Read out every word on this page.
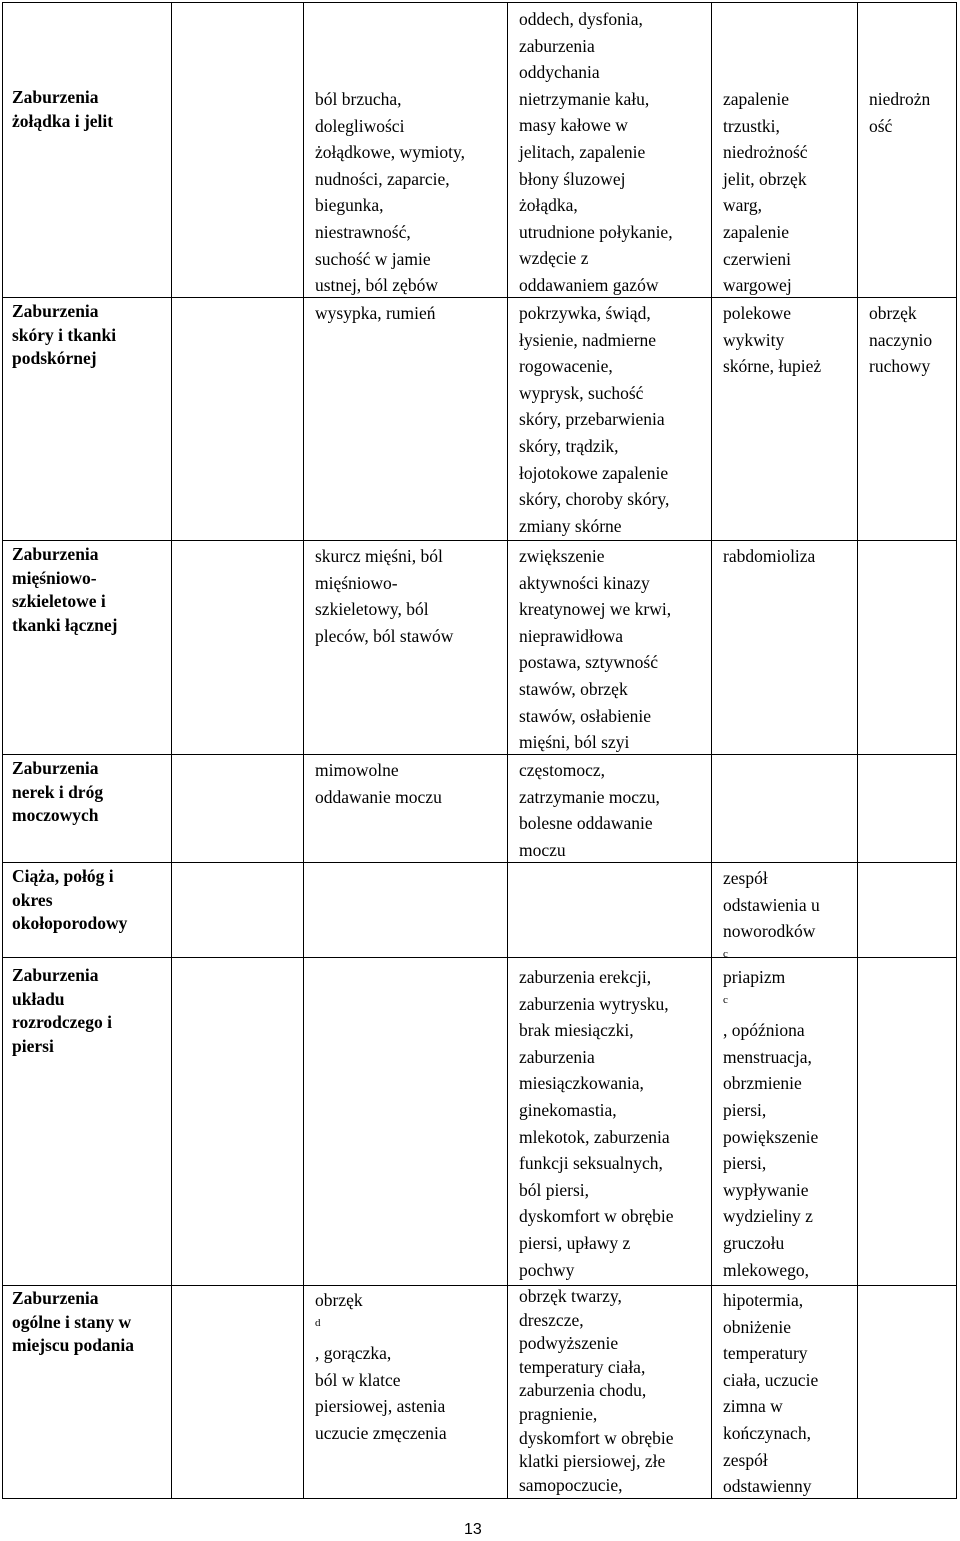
Zaburzenia
żołądka i jelit
ból brzucha,
dolegliwości
żołądkowe, wymioty,
nudności, zaparcie,
biegunka,
niestrawność,
suchość w jamie
ustnej, ból zębów
oddech, dysfonia,
zaburzenia
oddychania
nietrzymanie kału,
masy kałowe w
jelitach, zapalenie
błony śluzowej
żołądka,
utrudnione połykanie,
wzdęcie z
oddawaniem gazów
zapalenie
trzustki,
niedrożność
jelit, obrzęk
warg,
zapalenie
czerwieni
wargowej
niedrożn
ość
Zaburzenia
skóry i tkanki
podskórnej
wysypka, rumień	pokrzywka, świąd,
łysienie, nadmierne
rogowacenie,
wyprysk, suchość
skóry, przebarwienia
skóry, trądzik,
łojotokowe zapalenie
skóry, choroby skóry,
zmiany skórne
polekowe
wykwity
skórne, łupież
obrzęk
naczynio
ruchowy
Zaburzenia
mięśniowo-
szkieletowe i
tkanki łącznej
skurcz mięśni, ból
mięśniowo-
szkieletowy, ból
pleców, ból stawów
zwiększenie
aktywności kinazy
kreatynowej we krwi,
nieprawidłowa
postawa, sztywność
stawów, obrzęk
stawów, osłabienie
mięśni, ból szyi
rabdomioliza
Zaburzenia
nerek i dróg
moczowych
mimowolne
oddawanie moczu
częstomocz,
zatrzymanie moczu,
bolesne oddawanie
moczu
Ciąża, połóg i
okres
okołoporodowy
zespół
odstawienia u
noworodków
$^c$
Zaburzenia
układu
rozrodczego i
piersi
zaburzenia erekcji,
zaburzenia wytrysku,
brak miesiączki,
zaburzenia
miesiączkowania,
ginekomastia,
mlekotok, zaburzenia
funkcji seksualnych,
ból piersi,
dyskomfort w obrębie
piersi, upławy z
pochwy
priapizm
$^c$
, opóźniona
menstruacja,
obrzmienie
piersi,
powiększenie
piersi,
wypływanie
wydzieliny z
gruczołu
mlekowego,
Zaburzenia
ogólne i stany w
miejscu podania
obrzęk
$^d$
, gorączka,
ból w klatce
piersiowej, astenia
uczucie zmęczenia
obrzęk twarzy,
dreszcze,
podwyższenie
temperatury ciała,
zaburzenia chodu,
pragnienie,
dyskomfort w obrębie
klatki piersiowej, złe
samopoczucie,
hipotermia,
obniżenie
temperatury
ciała, uczucie
zimna w
kończynach,
zespół
odstawienny
13
